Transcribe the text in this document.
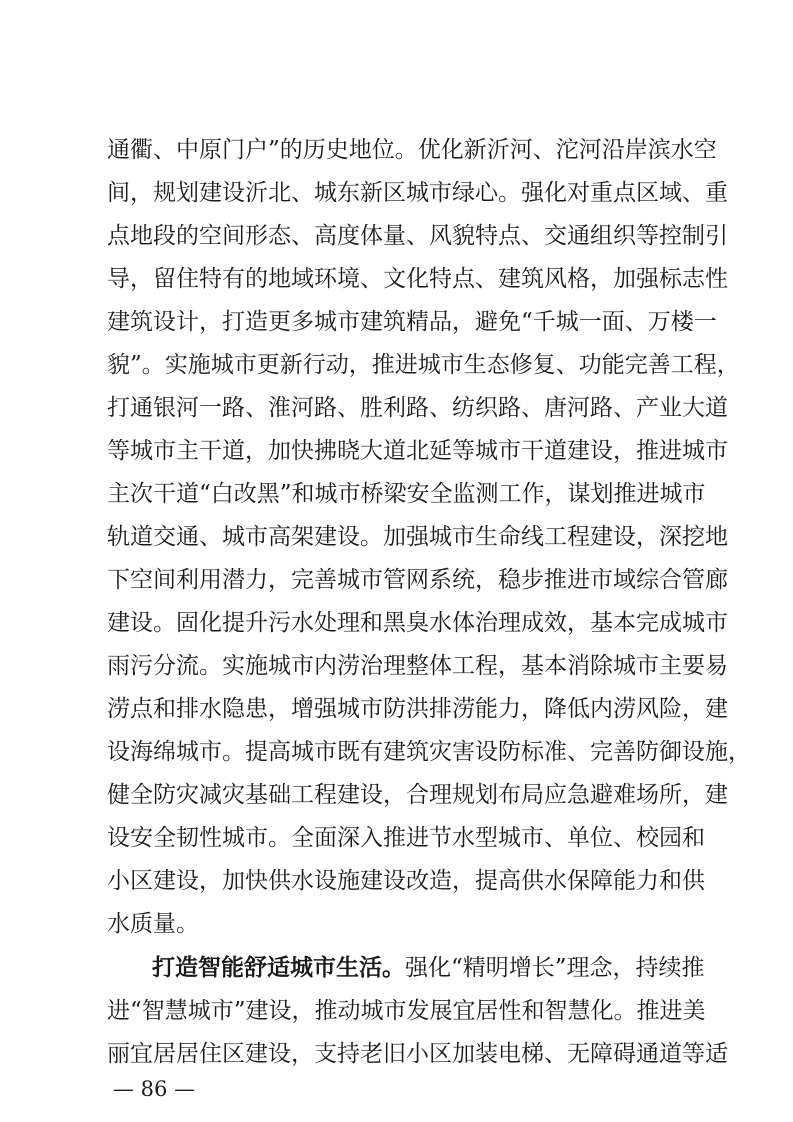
通衢、中原门户”的历史地位。优化新沂河、沱河沿岸滨水空
间，规划建设沂北、城东新区城市绿心。强化对重点区域、重
点地段的空间形态、高度体量、风貌特点、交通组织等控制引
导，留住特有的地域环境、文化特点、建筑风格，加强标志性
建筑设计，打造更多城市建筑精品，避免“千城一面、万楼一
貌”。实施城市更新行动，推进城市生态修复、功能完善工程，
打通银河一路、淮河路、胜利路、纺织路、唐河路、产业大道
等城市主干道，加快拂晓大道北延等城市干道建设，推进城市
主次干道“白改黑”和城市桥梁安全监测工作，谋划推进城市
轨道交通、城市高架建设。加强城市生命线工程建设，深挖地
下空间利用潜力，完善城市管网系统，稳步推进市域综合管廊
建设。固化提升污水处理和黑臭水体治理成效，基本完成城市
雨污分流。实施城市内涝治理整体工程，基本消除城市主要易
涝点和排水隐患，增强城市防洪排涝能力，降低内涝风险，建
设海绵城市。提高城市既有建筑灾害设防标准、完善防御设施，
健全防灾减灾基础工程建设，合理规划布局应急避难场所，建
设安全韧性城市。全面深入推进节水型城市、单位、校园和
小区建设，加快供水设施建设改造，提高供水保障能力和供
水质量。
打造智能舒适城市生活。强化“精明增长”理念，持续推
进“智慧城市”建设，推动城市发展宜居性和智慧化。推进美
丽宜居居住区建设，支持老旧小区加装电梯、无障碍通道等适
— 86 —
